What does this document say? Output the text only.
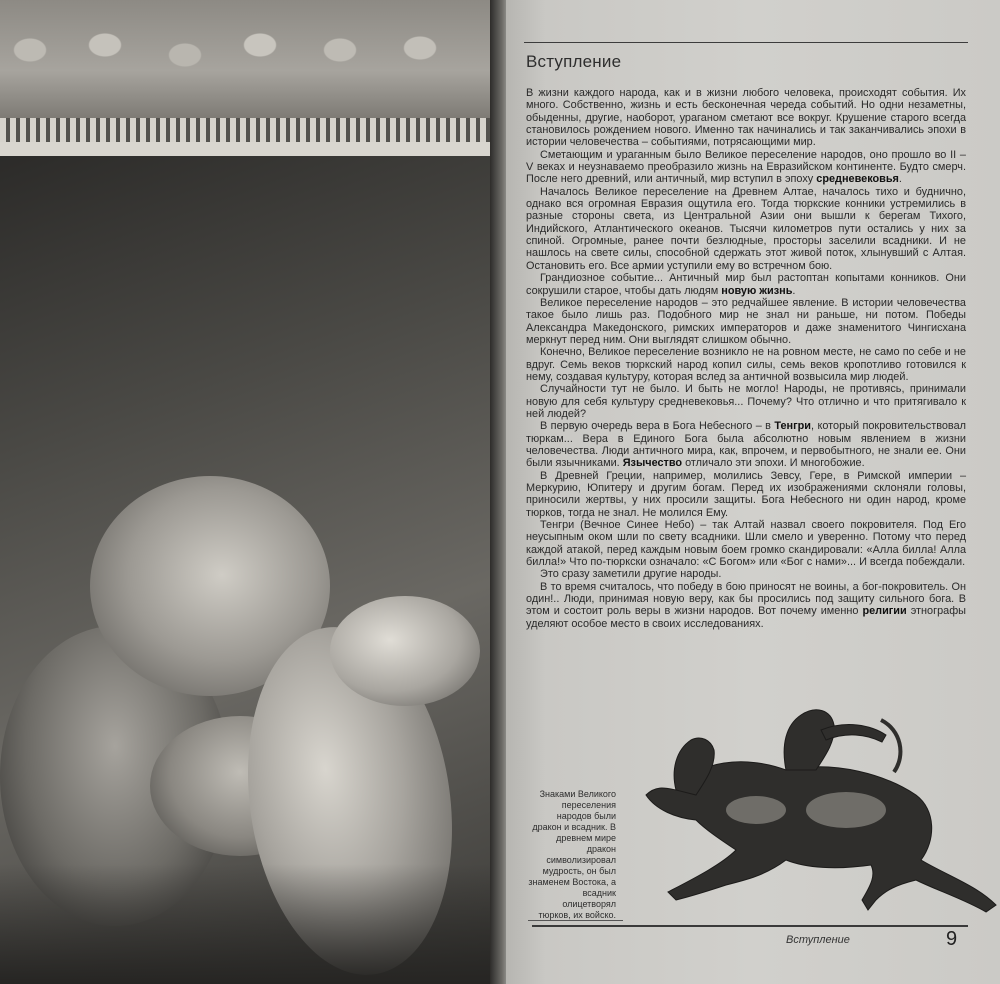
Вступление

В жизни каждого народа, как и в жизни любого человека, происходят события. Их много. Собственно, жизнь и есть бесконечная череда событий. Но одни незаметны, обыденны, другие, наоборот, ураганом сметают все вокруг. Крушение старого всегда становилось рождением нового. Именно так начинались и так заканчивались эпохи в истории человечества – событиями, потрясающими мир.

Сметающим и ураганным было Великое переселение народов, оно прошло во II – V веках и неузнаваемо преобразило жизнь на Евразийском континенте. Будто смерч. После него древний, или античный, мир вступил в эпоху средневековья.

Началось Великое переселение на Древнем Алтае, началось тихо и буднично, однако вся огромная Евразия ощутила его. Тогда тюркские конники устремились в разные стороны света, из Центральной Азии они вышли к берегам Тихого, Индийского, Атлантического океанов. Тысячи километров пути остались у них за спиной. Огромные, ранее почти безлюдные, просторы заселили всадники. И не нашлось на свете силы, способной сдержать этот живой поток, хлынувший с Алтая. Остановить его. Все армии уступили ему во встречном бою.

Грандиозное событие... Античный мир был растоптан копытами конников. Они сокрушили старое, чтобы дать людям новую жизнь.

Великое переселение народов – это редчайшее явление. В истории человечества такое было лишь раз. Подобного мир не знал ни раньше, ни потом. Победы Александра Македонского, римских императоров и даже знаменитого Чингисхана меркнут перед ним. Они выглядят слишком обычно.

Конечно, Великое переселение возникло не на ровном месте, не само по себе и не вдруг. Семь веков тюркский народ копил силы, семь веков кропотливо готовился к нему, создавая культуру, которая вслед за античной возвысила мир людей.

Случайности тут не было. И быть не могло! Народы, не противясь, принимали новую для себя культуру средневековья... Почему? Что отлично и что притягивало к ней людей?

В первую очередь вера в Бога Небесного – в Тенгри, который покровительствовал тюркам... Вера в Единого Бога была абсолютно новым явлением в жизни человечества. Люди античного мира, как, впрочем, и первобытного, не знали ее. Они были язычниками. Язычество отличало эти эпохи. И многобожие.

В Древней Греции, например, молились Зевсу, Гере, в Римской империи – Меркурию, Юпитеру и другим богам. Перед их изображениями склоняли головы, приносили жертвы, у них просили защиты. Бога Небесного ни один народ, кроме тюрков, тогда не знал. Не молился Ему.

Тенгри (Вечное Синее Небо) – так Алтай назвал своего покровителя. Под Его неусыпным оком шли по свету всадники. Шли смело и уверенно. Потому что перед каждой атакой, перед каждым новым боем громко скандировали: «Алла билла! Алла билла!» Что по-тюркски означало: «С Богом» или «Бог с нами»... И всегда побеждали.

Это сразу заметили другие народы.

В то время считалось, что победу в бою приносят не воины, а бог-покровитель. Он один!.. Люди, принимая новую веру, как бы просились под защиту сильного бога. В этом и состоит роль веры в жизни народов. Вот почему именно религии этнографы уделяют особое место в своих исследованиях.

Знаками Великого переселения народов были дракон и всадник. В древнем мире дракон символизировал мудрость, он был знаменем Востока, а всадник олицетворял тюрков, их войско.
Вступление	9
